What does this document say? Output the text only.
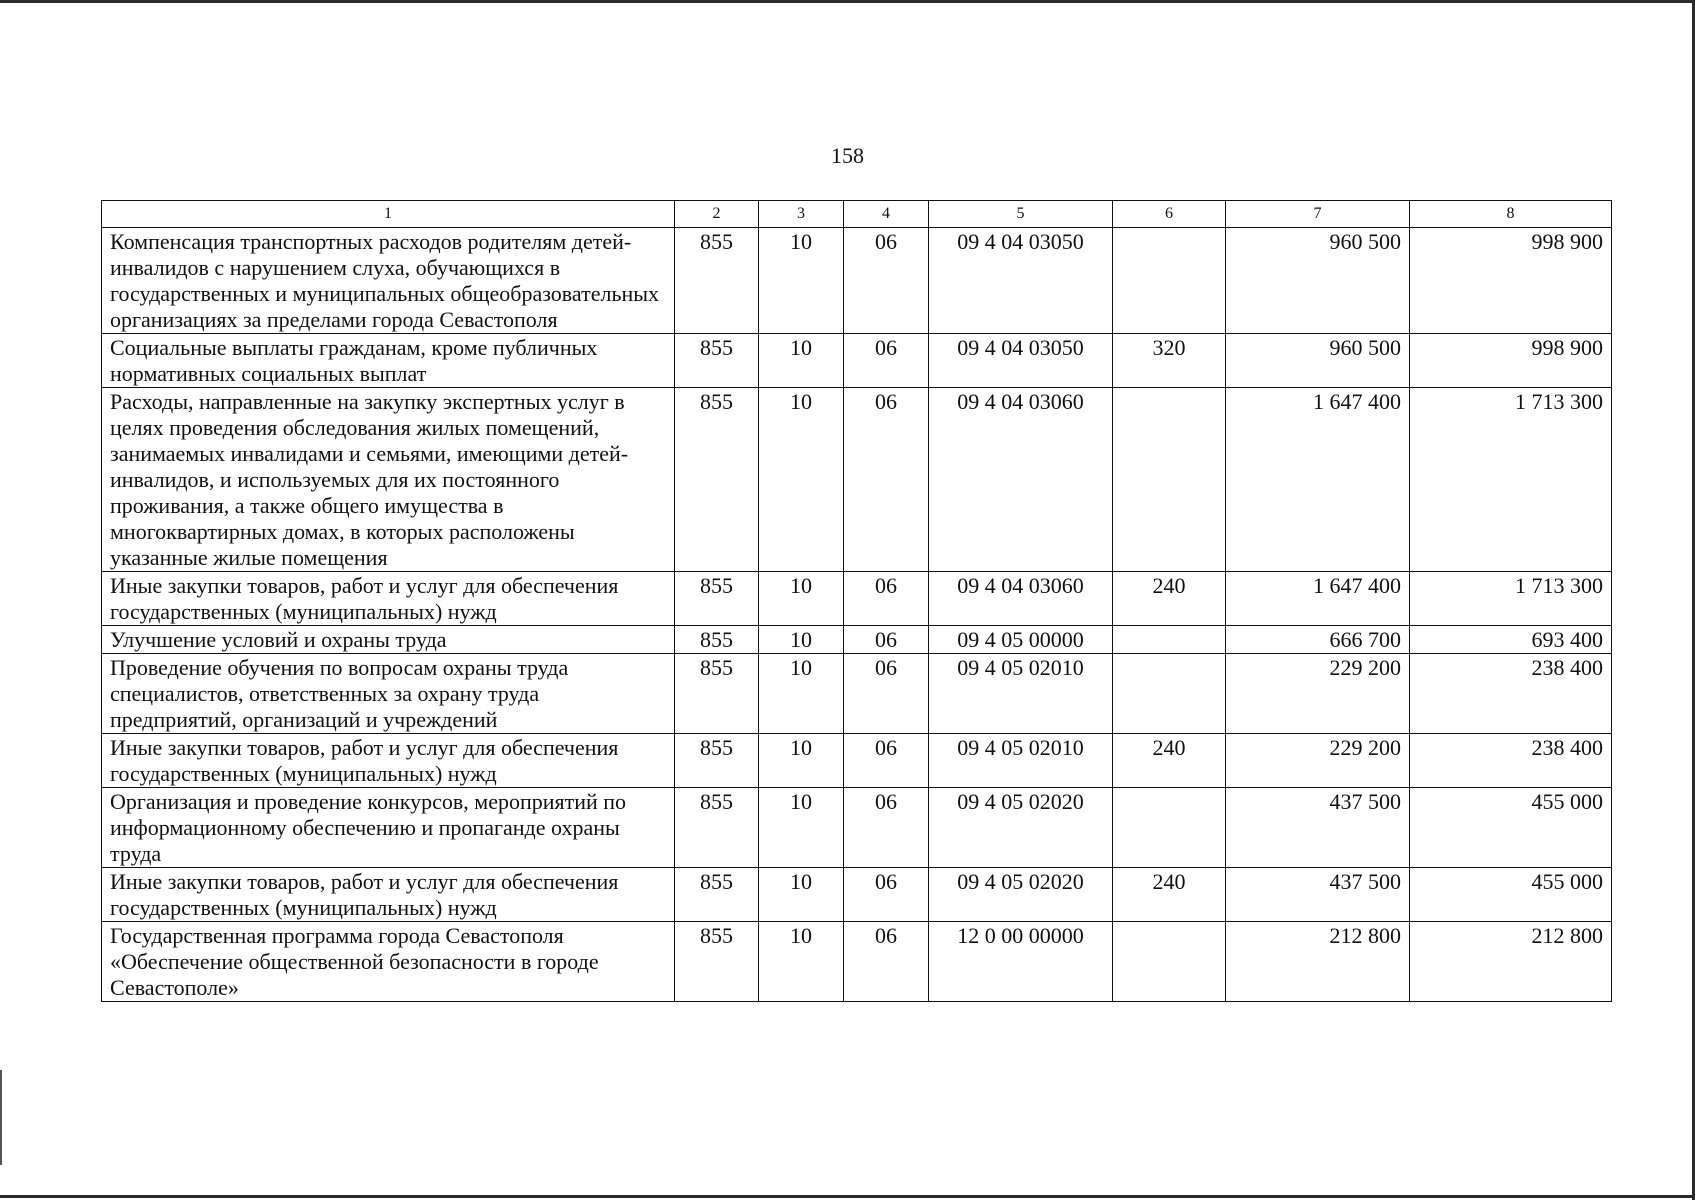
158
1	2	3	4	5	6	7	8
Компенсация транспортных расходов родителям детей-инвалидов с нарушением слуха, обучающихся в государственных и муниципальных общеобразовательных организациях за пределами города Севастополя	855	10	06	09 4 04 03050		960 500	998 900
Социальные выплаты гражданам, кроме публичных нормативных социальных выплат	855	10	06	09 4 04 03050	320	960 500	998 900
Расходы, направленные на закупку экспертных услуг в целях проведения обследования жилых помещений, занимаемых инвалидами и семьями, имеющими детей-инвалидов, и используемых для их постоянного проживания, а также общего имущества в многоквартирных домах, в которых расположены указанные жилые помещения	855	10	06	09 4 04 03060		1 647 400	1 713 300
Иные закупки товаров, работ и услуг для обеспечения государственных (муниципальных) нужд	855	10	06	09 4 04 03060	240	1 647 400	1 713 300
Улучшение условий и охраны труда	855	10	06	09 4 05 00000		666 700	693 400
Проведение обучения по вопросам охраны труда специалистов, ответственных за охрану труда предприятий, организаций и учреждений	855	10	06	09 4 05 02010		229 200	238 400
Иные закупки товаров, работ и услуг для обеспечения государственных (муниципальных) нужд	855	10	06	09 4 05 02010	240	229 200	238 400
Организация и проведение конкурсов, мероприятий по информационному обеспечению и пропаганде охраны труда	855	10	06	09 4 05 02020		437 500	455 000
Иные закупки товаров, работ и услуг для обеспечения государственных (муниципальных) нужд	855	10	06	09 4 05 02020	240	437 500	455 000
Государственная программа города Севастополя «Обеспечение общественной безопасности в городе Севастополе»	855	10	06	12 0 00 00000		212 800	212 800
